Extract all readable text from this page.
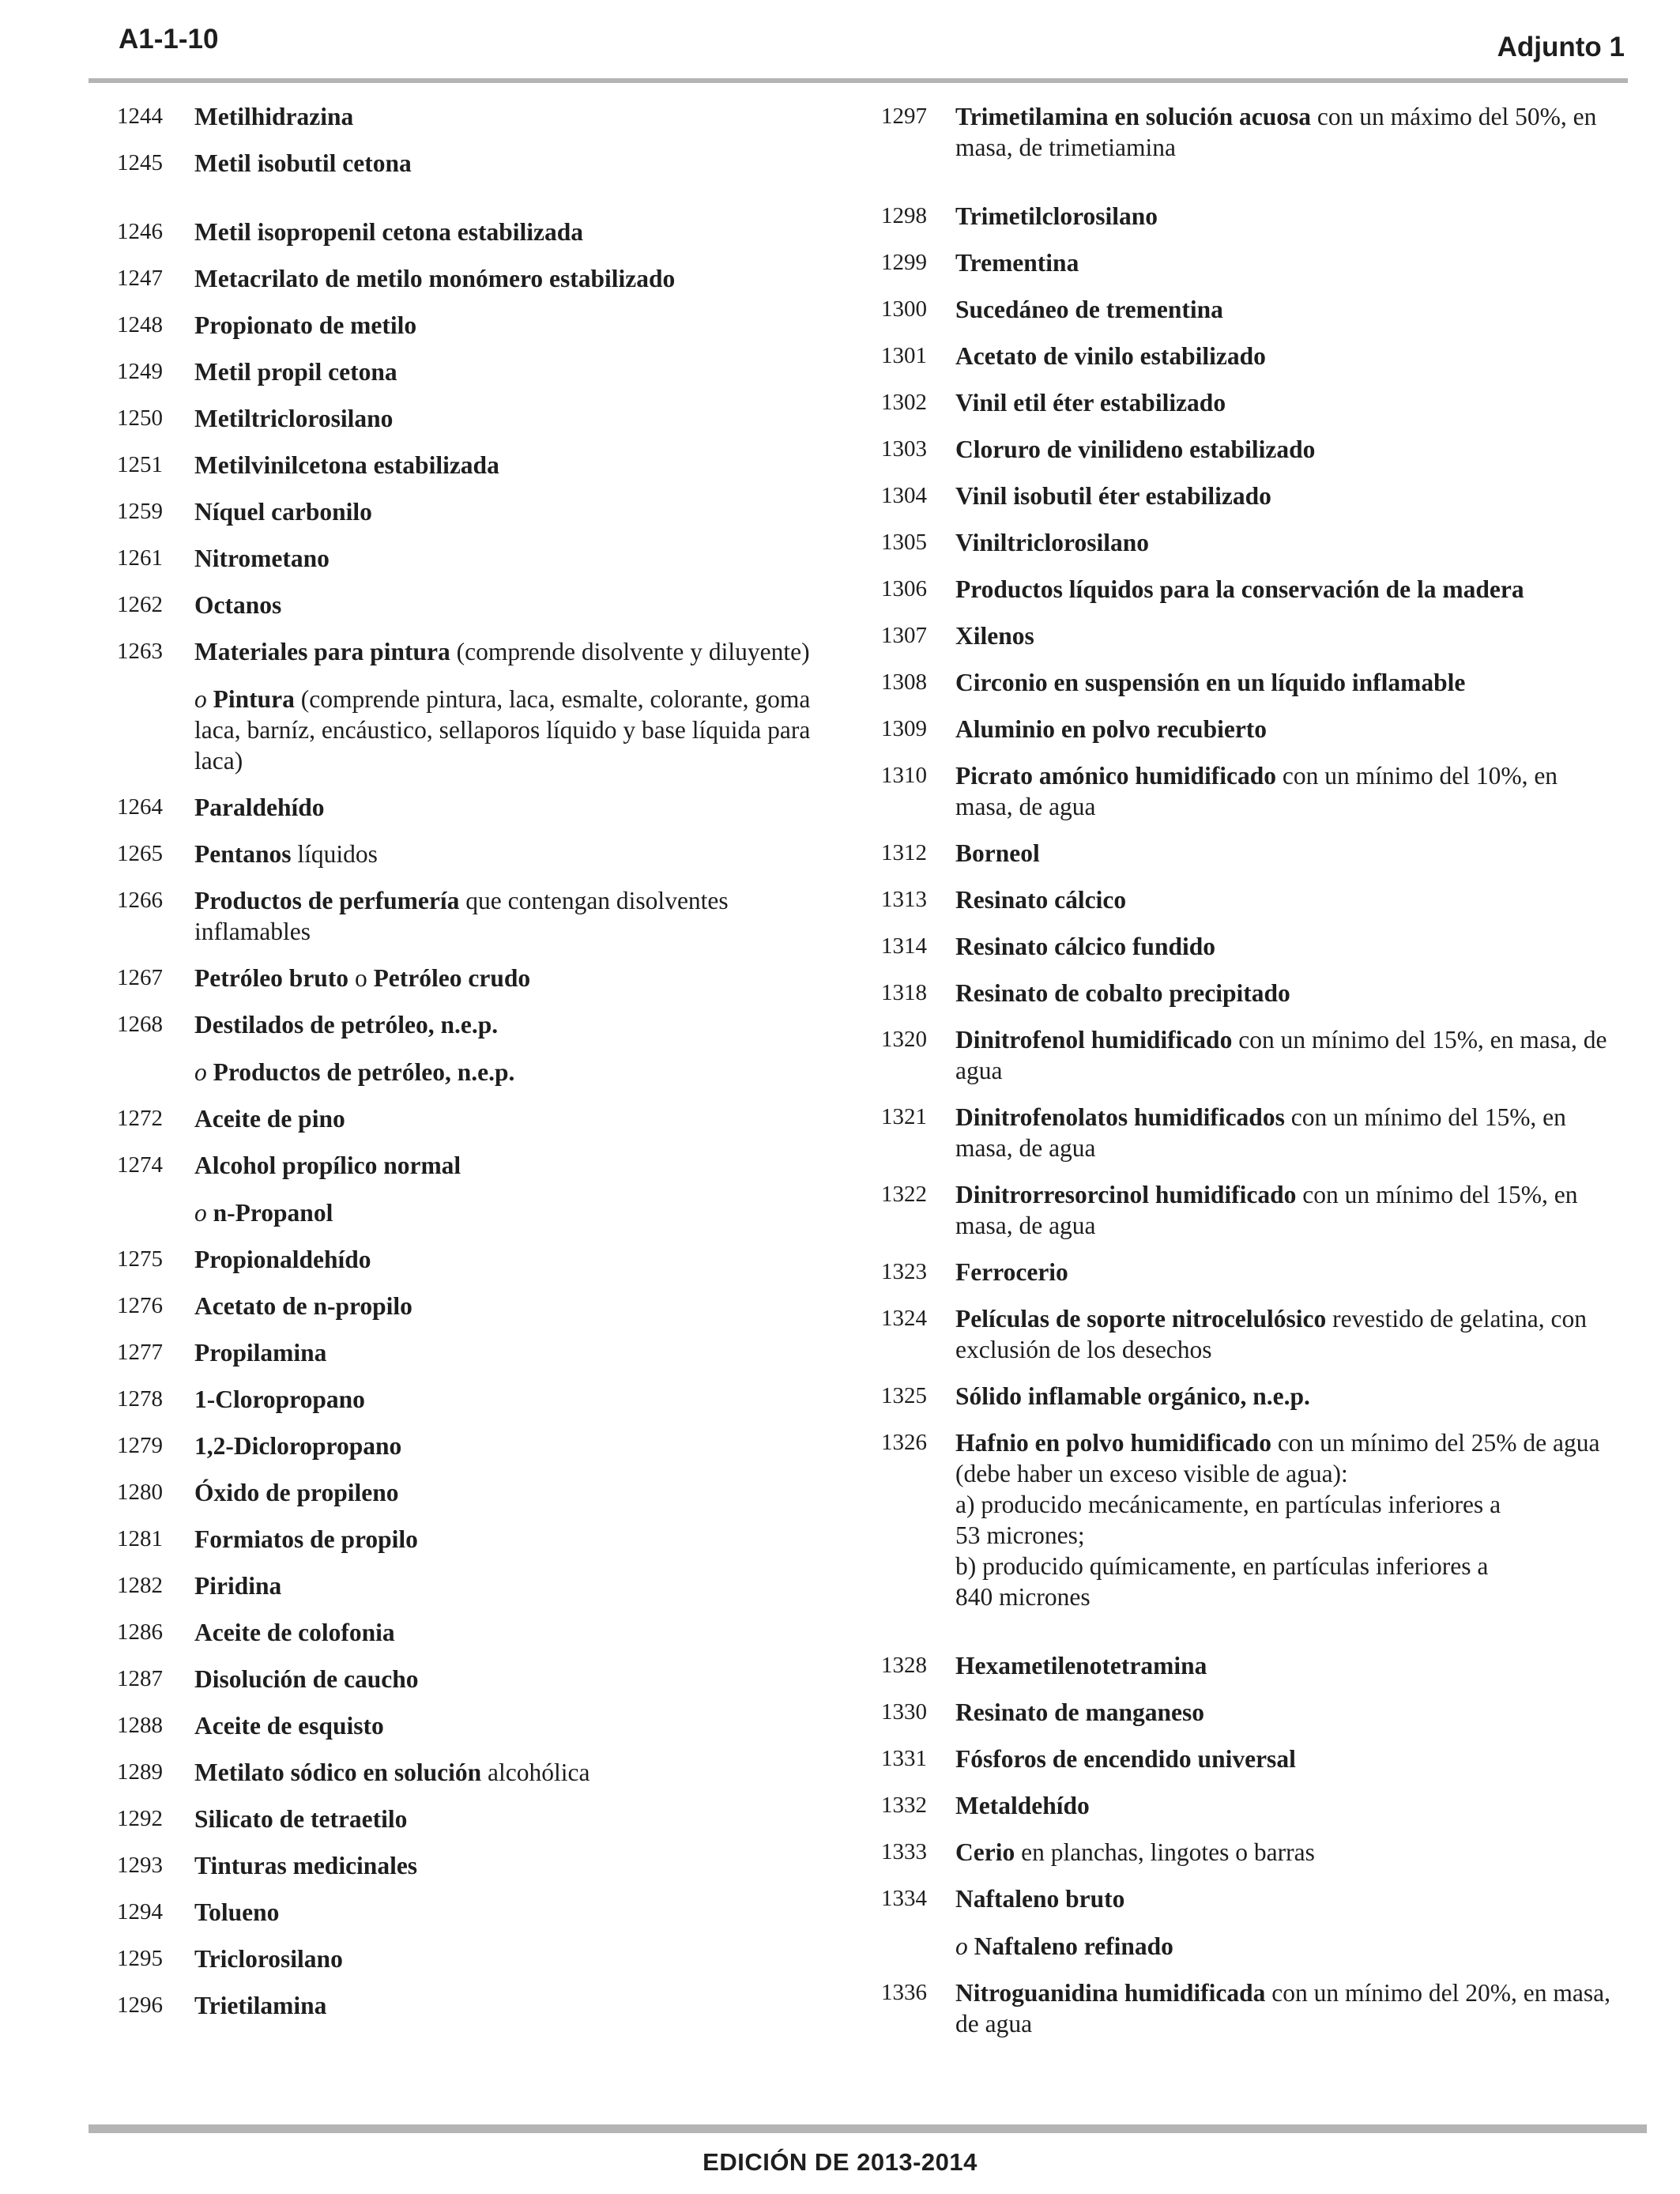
A1-1-10	Adjunto 1
1244	Metilhidrazina
1245	Metil isobutil cetona
1246	Metil isopropenil cetona estabilizada
1247	Metacrilato de metilo monómero estabilizado
1248	Propionato de metilo
1249	Metil propil cetona
1250	Metiltriclorosilano
1251	Metilvinilcetona estabilizada
1259	Níquel carbonilo
1261	Nitrometano
1262	Octanos
1263	Materiales para pintura (comprende disolvente y diluyente)
o Pintura (comprende pintura, laca, esmalte, colorante, goma laca, barníz, encáustico, sellaporos líquido y base líquida para laca)
1264	Paraldehído
1265	Pentanos líquidos
1266	Productos de perfumería que contengan disolventes inflamables
1267	Petróleo bruto o Petróleo crudo
1268	Destilados de petróleo, n.e.p.
o Productos de petróleo, n.e.p.
1272	Aceite de pino
1274	Alcohol propílico normal
o n-Propanol
1275	Propionaldehído
1276	Acetato de n-propilo
1277	Propilamina
1278	1-Cloropropano
1279	1,2-Dicloropropano
1280	Óxido de propileno
1281	Formiatos de propilo
1282	Piridina
1286	Aceite de colofonia
1287	Disolución de caucho
1288	Aceite de esquisto
1289	Metilato sódico en solución alcohólica
1292	Silicato de tetraetilo
1293	Tinturas medicinales
1294	Tolueno
1295	Triclorosilano
1296	Trietilamina
1297	Trimetilamina en solución acuosa con un máximo del 50%, en masa, de trimetiamina
1298	Trimetilclorosilano
1299	Trementina
1300	Sucedáneo de trementina
1301	Acetato de vinilo estabilizado
1302	Vinil etil éter estabilizado
1303	Cloruro de vinilideno estabilizado
1304	Vinil isobutil éter estabilizado
1305	Viniltriclorosilano
1306	Productos líquidos para la conservación de la madera
1307	Xilenos
1308	Circonio en suspensión en un líquido inflamable
1309	Aluminio en polvo recubierto
1310	Picrato amónico humidificado con un mínimo del 10%, en masa, de agua
1312	Borneol
1313	Resinato cálcico
1314	Resinato cálcico fundido
1318	Resinato de cobalto precipitado
1320	Dinitrofenol humidificado con un mínimo del 15%, en masa, de agua
1321	Dinitrofenolatos humidificados con un mínimo del 15%, en masa, de agua
1322	Dinitrorresorcinol humidificado con un mínimo del 15%, en masa, de agua
1323	Ferrocerio
1324	Películas de soporte nitrocelulósico revestido de gelatina, con exclusión de los desechos
1325	Sólido inflamable orgánico, n.e.p.
1326	Hafnio en polvo humidificado con un mínimo del 25% de agua (debe haber un exceso visible de agua):
a) producido mecánicamente, en partículas inferiores a
53 micrones;
b) producido químicamente, en partículas inferiores a
840 micrones
1328	Hexametilenotetramina
1330	Resinato de manganeso
1331	Fósforos de encendido universal
1332	Metaldehído
1333	Cerio en planchas, lingotes o barras
1334	Naftaleno bruto
o Naftaleno refinado
1336	Nitroguanidina humidificada con un mínimo del 20%, en masa, de agua
EDICIÓN DE 2013-2014
